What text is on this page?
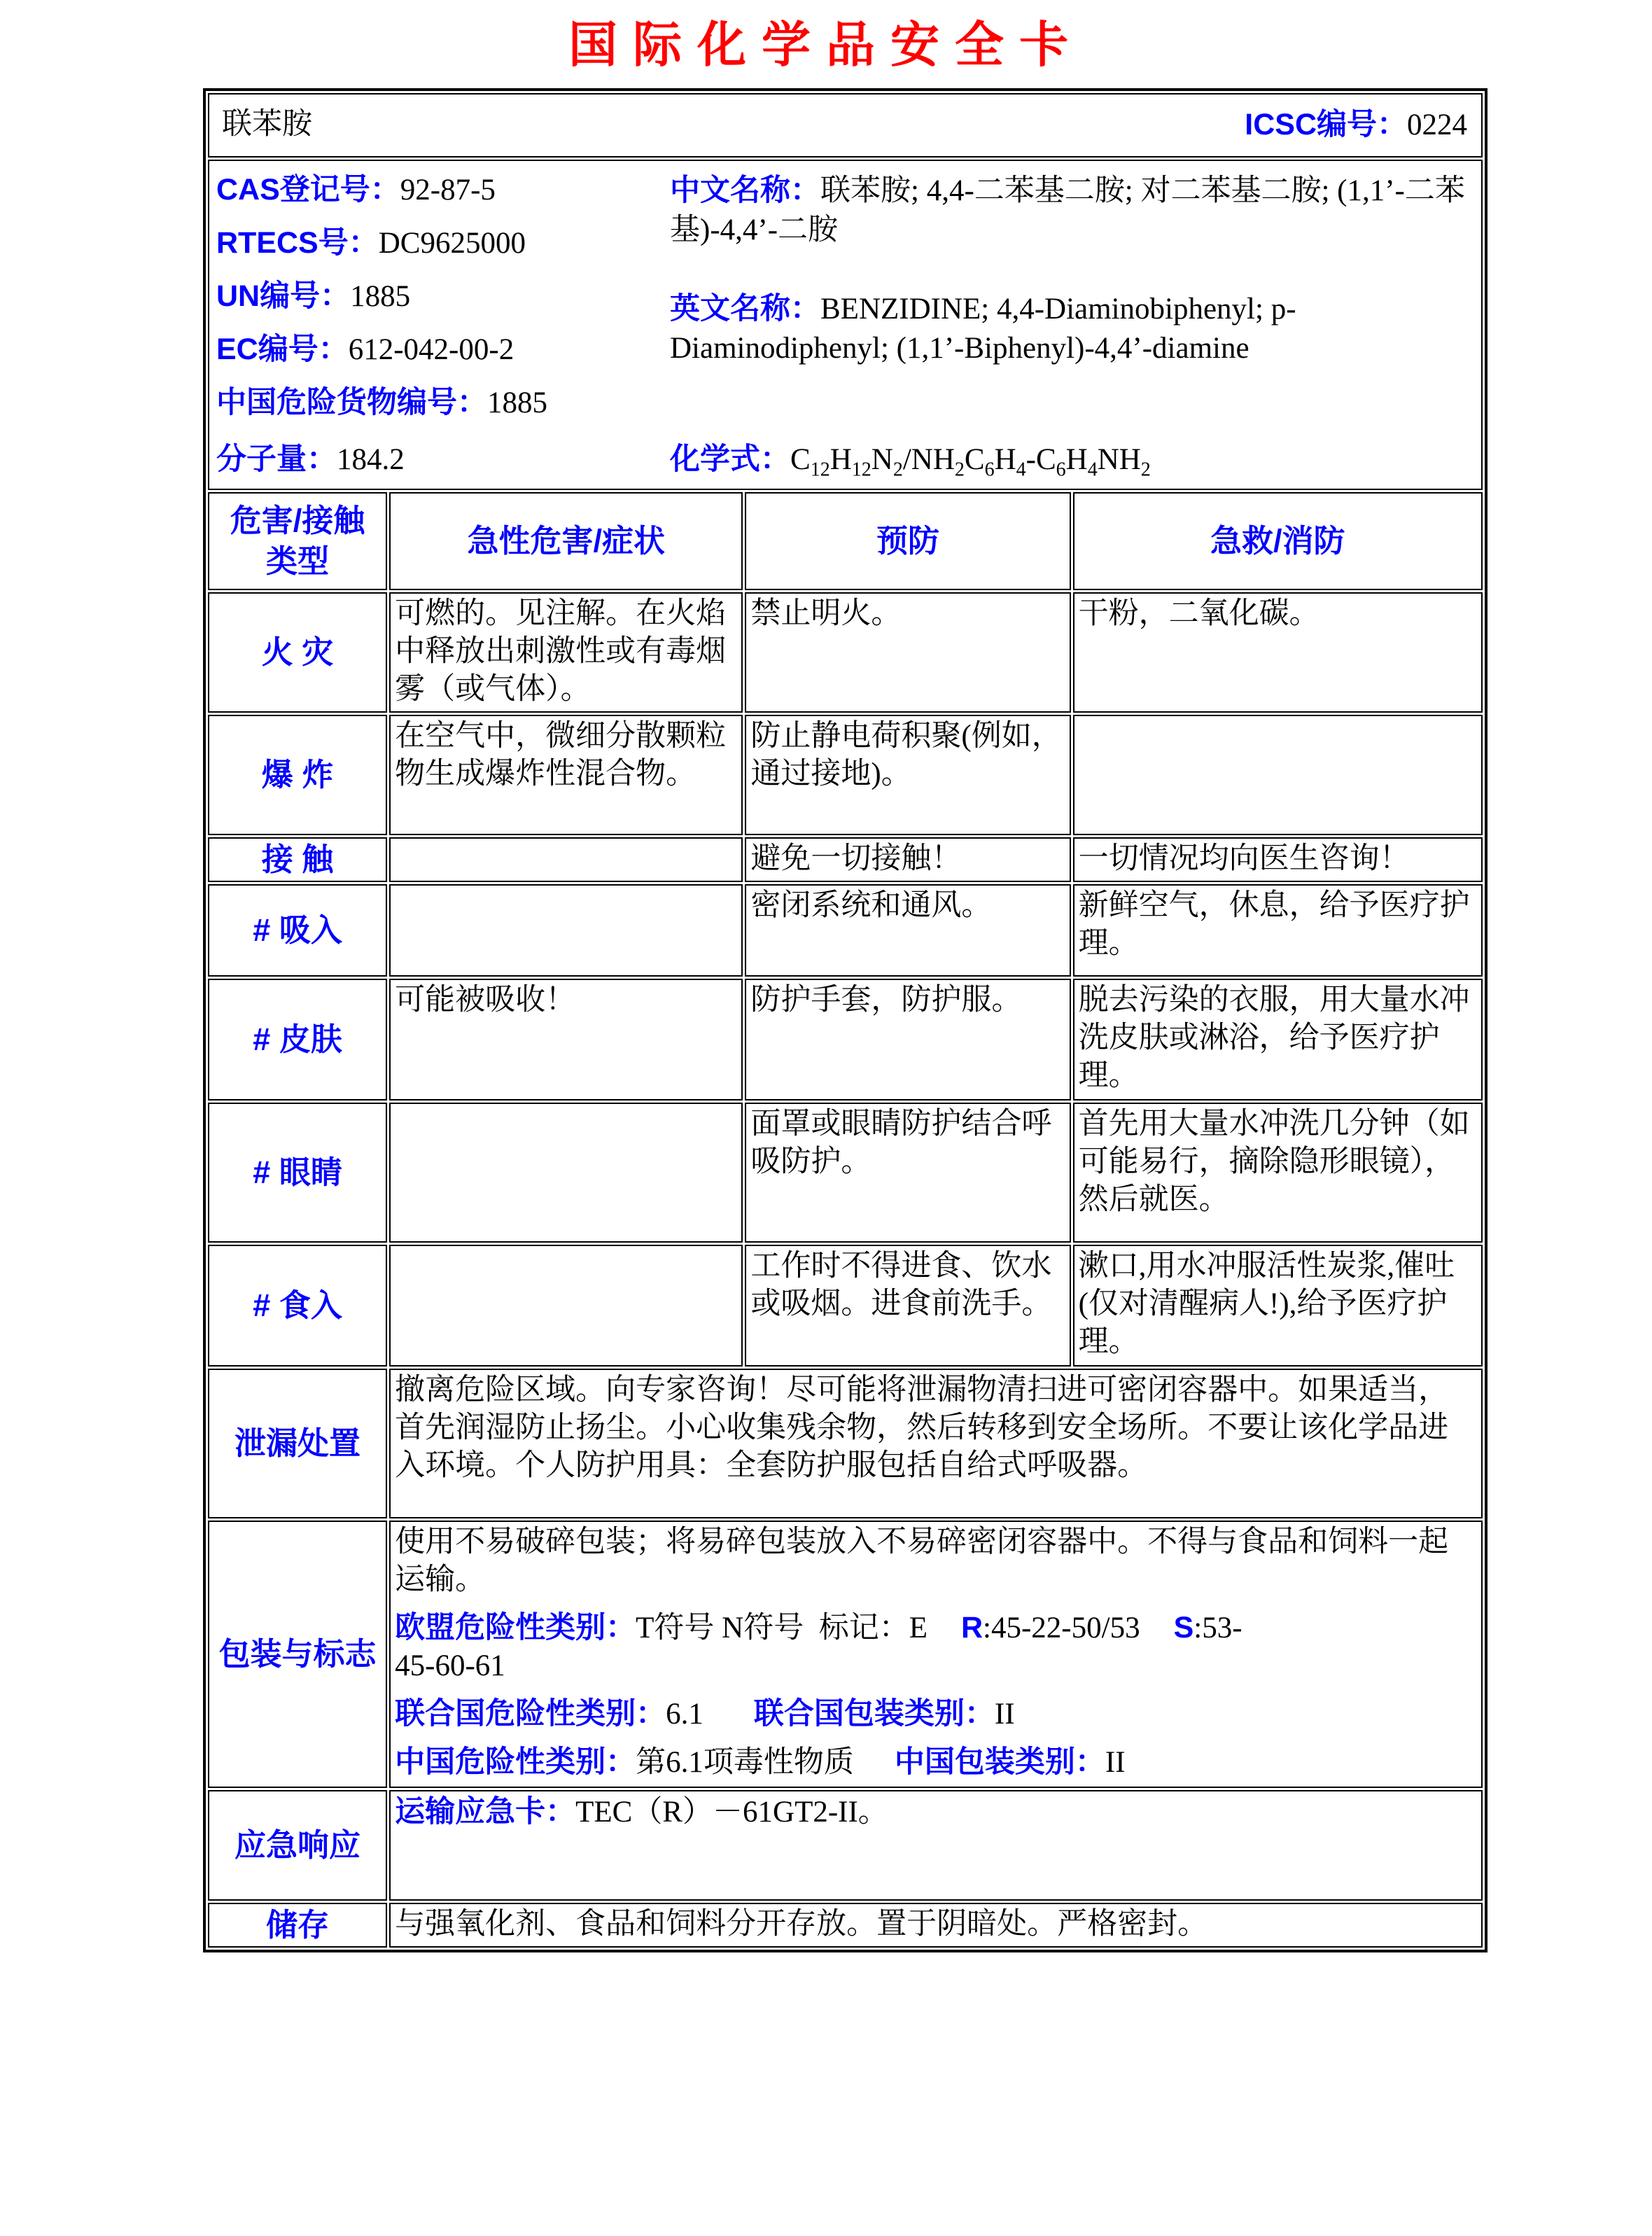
国际化学品安全卡
联苯胺 ICSC编号：0224			

CAS登记号：92-87-5
RTECS号：DC9625000
UN编号：1885
EC编号：612-042-00-2
中国危险货物编号：1885
分子量：184.2
中文名称：联苯胺; 4,4-二苯基二胺; 对二苯基二胺; (1,1’-二苯基)-4,4’-二胺
英文名称：BENZIDINE; 4,4-Diaminobiphenyl; p-Diaminodiphenyl; (1,1’-Biphenyl)-4,4’-diamine
化学式：$C_{12}H_{12}N_2/NH_2C_6H_4-C_6H_4NH_2$

危害/接触类型	急性危害/症状	预防	急救/消防
火 灾	可燃的。见注解。在火焰中释放出刺激性或有毒烟雾（或气体）。	禁止明火。	干粉，二氧化碳。
爆 炸	在空气中，微细分散颗粒物生成爆炸性混合物。	防止静电荷积聚(例如，通过接地)。	
接 触		避免一切接触！	一切情况均向医生咨询！
# 吸入		密闭系统和通风。	新鲜空气，休息，给予医疗护理。
# 皮肤	可能被吸收！	防护手套，防护服。	脱去污染的衣服，用大量水冲洗皮肤或淋浴，给予医疗护理。
# 眼睛		面罩或眼睛防护结合呼吸防护。	首先用大量水冲洗几分钟（如可能易行，摘除隐形眼镜），然后就医。
# 食入		工作时不得进食、饮水或吸烟。进食前洗手。	漱口,用水冲服活性炭浆,催吐(仅对清醒病人!),给予医疗护理。
泄漏处置	撤离危险区域。向专家咨询！尽可能将泄漏物清扫进可密闭容器中。如果适当，首先润湿防止扬尘。小心收集残余物，然后转移到安全场所。不要让该化学品进入环境。个人防护用具：全套防护服包括自给式呼吸器。		
包装与标志	使用不易破碎包装；将易碎包装放入不易碎密闭容器中。不得与食品和饲料一起运输。
欧盟危险性类别：T符号 N符号  标记：E R:45-22-50/53 S:53-
45-60-61
联合国危险性类别：6.1 联合国包装类别：II
中国危险性类别：第6.1项毒性物质 中国包装类别：II		

应急响应	运输应急卡：TEC（R）－61GT2-II。		
储存	与强氧化剂、食品和饲料分开存放。置于阴暗处。严格密封。		
